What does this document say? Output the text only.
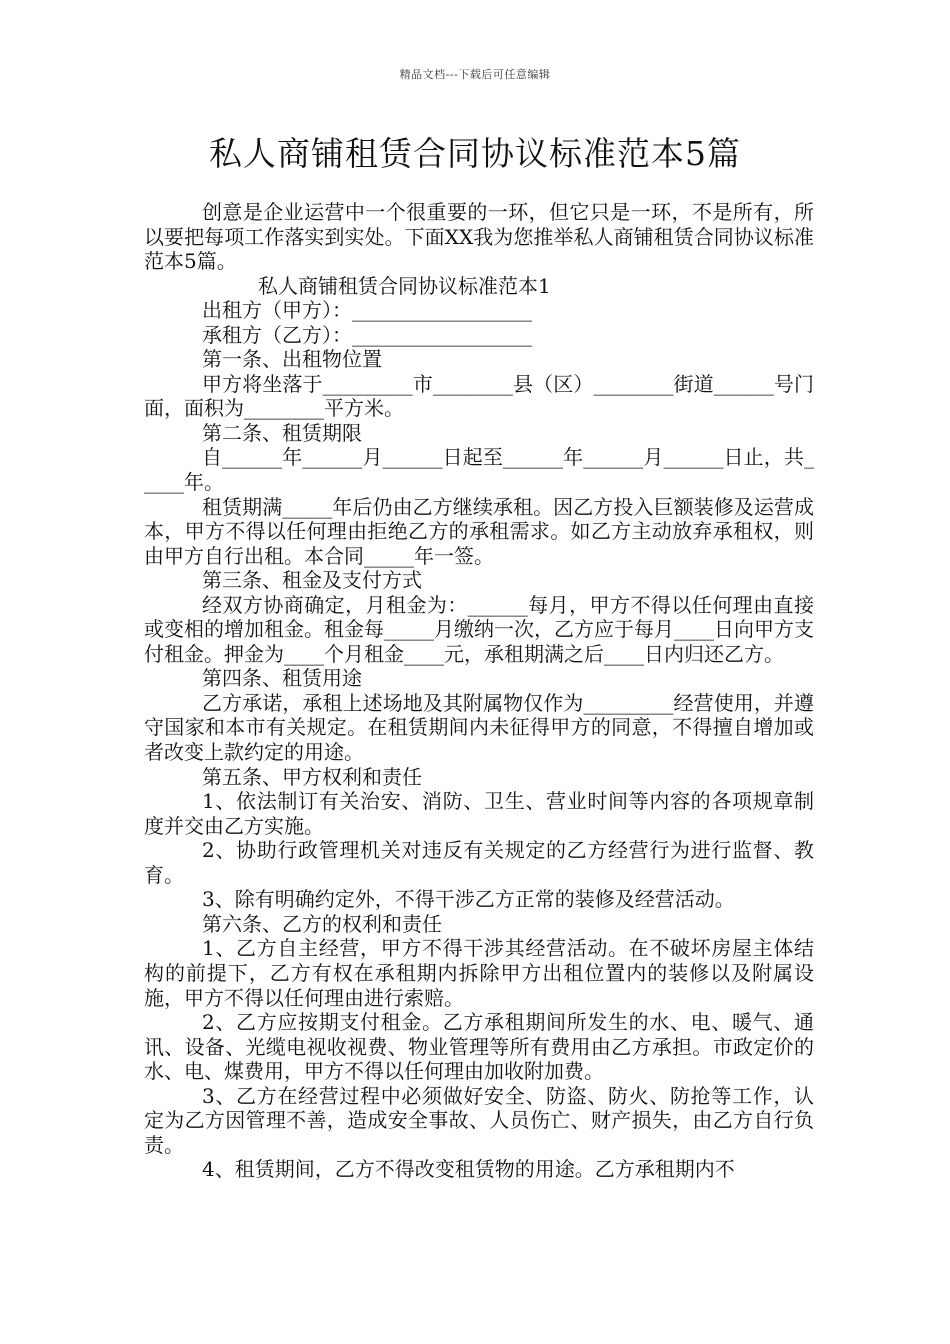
精品文档---下载后可任意编辑
私人商铺租赁合同协议标准范本5篇

创意是企业运营中一个很重要的一环，但它只是一环，不是所有，所以要把每项工作落实到实处。下面XX我为您推举私人商铺租赁合同协议标准范本5篇。

私人商铺租赁合同协议标准范本1

出租方（甲方）：__________________

承租方（乙方）：__________________

第一条、出租物位置

甲方将坐落于_________市________县（区）________街道______号门面，面积为________平方米。

第二条、租赁期限

自______年______月______日起至______年______月______日止，共_____年。

租赁期满_____年后仍由乙方继续承租。因乙方投入巨额装修及运营成本，甲方不得以任何理由拒绝乙方的承租需求。如乙方主动放弃承租权，则由甲方自行出租。本合同_____年一签。

第三条、租金及支付方式

经双方协商确定，月租金为：______每月，甲方不得以任何理由直接或变相的增加租金。租金每_____月缴纳一次，乙方应于每月____日向甲方支付租金。押金为____个月租金____元，承租期满之后____日内归还乙方。

第四条、租赁用途

乙方承诺，承租上述场地及其附属物仅作为_________经营使用，并遵守国家和本市有关规定。在租赁期间内未征得甲方的同意，不得擅自增加或者改变上款约定的用途。

第五条、甲方权利和责任

1、依法制订有关治安、消防、卫生、营业时间等内容的各项规章制度并交由乙方实施。

2、协助行政管理机关对违反有关规定的乙方经营行为进行监督、教育。

3、除有明确约定外，不得干涉乙方正常的装修及经营活动。

第六条、乙方的权利和责任

1、乙方自主经营，甲方不得干涉其经营活动。在不破坏房屋主体结构的前提下，乙方有权在承租期内拆除甲方出租位置内的装修以及附属设施，甲方不得以任何理由进行索赔。

2、乙方应按期支付租金。乙方承租期间所发生的水、电、暖气、通讯、设备、光缆电视收视费、物业管理等所有费用由乙方承担。市政定价的水、电、煤费用，甲方不得以任何理由加收附加费。

3、乙方在经营过程中必须做好安全、防盗、防火、防抢等工作，认定为乙方因管理不善，造成安全事故、人员伤亡、财产损失，由乙方自行负责。

4、租赁期间，乙方不得改变租赁物的用途。乙方承租期内不
